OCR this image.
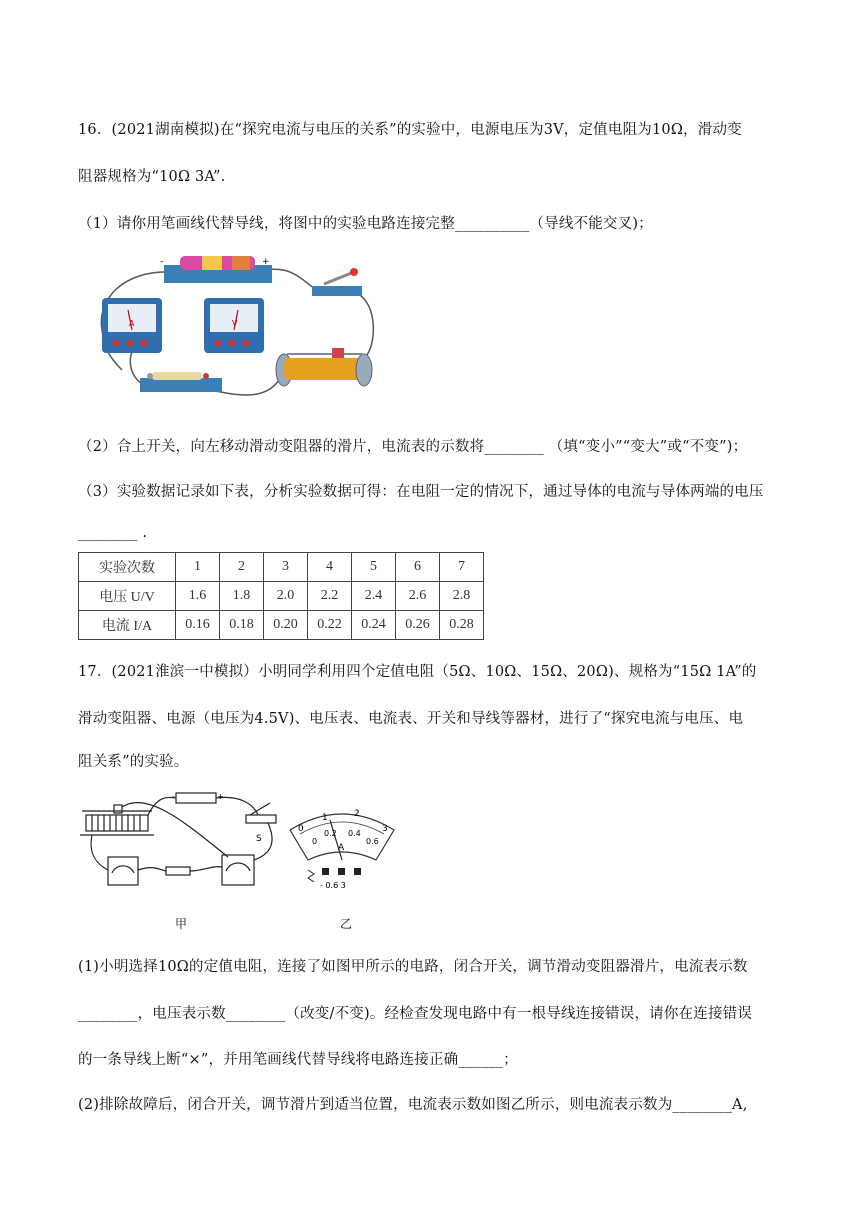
16．(2021湖南模拟)在“探究电流与电压的关系”的实验中，电源电压为3V，定值电阻为10Ω，滑动变
阻器规格为“10Ω 3A”.
（1）请你用笔画线代替导线，将图中的实验电路连接完整__________（导线不能交叉)；
-	+
A	V
（2）合上开关，向左移动滑动变阻器的滑片，电流表的示数将________ （填“变小”“变大”或“不变”)；
（3）实验数据记录如下表，分析实验数据可得：在电阻一定的情况下，通过导体的电流与导体两端的电压
________ .
实验次数	1	2	3	4	5	6	7
电压 U/V	1.6	1.8	2.0	2.2	2.4	2.6	2.8
电流 I/A	0.16	0.18	0.20	0.22	0.24	0.26	0.28
17．(2021淮滨一中模拟）小明同学利用四个定值电阻（5Ω、10Ω、15Ω、20Ω)、规格为“15Ω 1A”的
滑动变阻器、电源（电压为4.5V)、电压表、电流表、开关和导线等器材，进行了“探究电流与电压、电
阻关系”的实验。
-	+
S
甲
0
1	2
3
0
0.2 0.4
0.6
A
- 0.6 3
乙
(1)小明选择10Ω的定值电阻，连接了如图甲所示的电路，闭合开关，调节滑动变阻器滑片，电流表示数
________，电压表示数________（改变/不变)。经检查发现电路中有一根导线连接错误，请你在连接错误
的一条导线上断“×”，并用笔画线代替导线将电路连接正确______；
(2)排除故障后，闭合开关，调节滑片到适当位置，电流表示数如图乙所示，则电流表示数为________A,
